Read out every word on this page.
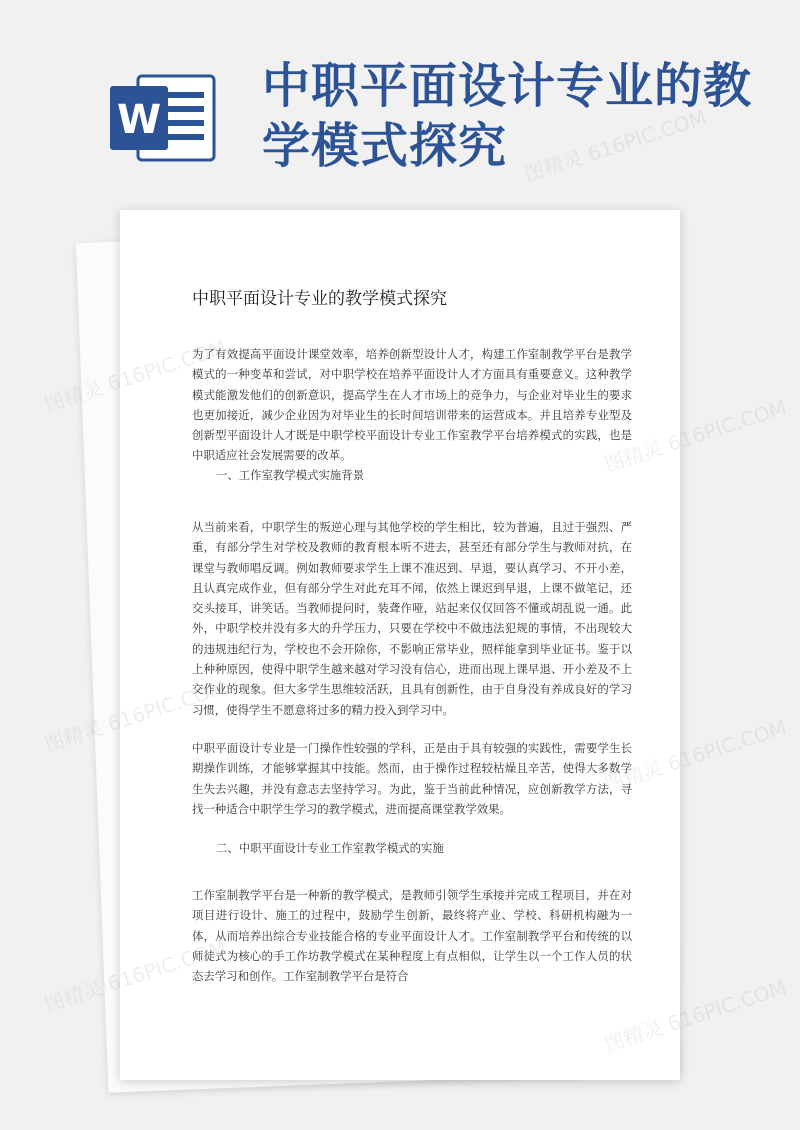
W
中职平面设计专业的教学模式探究
中职平面设计专业的教学模式探究

为了有效提高平面设计课堂效率，培养创新型设计人才，构建工作室制教学平台是教学模式的一种变革和尝试，对中职学校在培养平面设计人才方面具有重要意义。这种教学模式能激发他们的创新意识，提高学生在人才市场上的竞争力，与企业对毕业生的要求也更加接近，减少企业因为对毕业生的长时间培训带来的运营成本。并且培养专业型及创新型平面设计人才既是中职学校平面设计专业工作室教学平台培养模式的实践，也是中职适应社会发展需要的改革。

一、工作室教学模式实施背景

从当前来看，中职学生的叛逆心理与其他学校的学生相比，较为普遍，且过于强烈、严重，有部分学生对学校及教师的教育根本听不进去，甚至还有部分学生与教师对抗，在课堂与教师唱反调。例如教师要求学生上课不准迟到、早退，要认真学习、不开小差，且认真完成作业，但有部分学生对此充耳不闻，依然上课迟到早退，上课不做笔记，还交头接耳，讲笑话。当教师提问时，装聋作哑，站起来仅仅回答不懂或胡乱说一通。此外，中职学校并没有多大的升学压力，只要在学校中不做违法犯规的事情，不出现较大的违规违纪行为，学校也不会开除你，不影响正常毕业，照样能拿到毕业证书。鉴于以上种种原因，使得中职学生越来越对学习没有信心，进而出现上课早退、开小差及不上交作业的现象。但大多学生思维较活跃，且具有创新性，由于自身没有养成良好的学习习惯，使得学生不愿意将过多的精力投入到学习中。

中职平面设计专业是一门操作性较强的学科，正是由于具有较强的实践性，需要学生长期操作训练，才能够掌握其中技能。然而，由于操作过程较枯燥且辛苦，使得大多数学生失去兴趣，并没有意志去坚持学习。为此，鉴于当前此种情况，应创新教学方法，寻找一种适合中职学生学习的教学模式，进而提高课堂教学效果。

二、中职平面设计专业工作室教学模式的实施

工作室制教学平台是一种新的教学模式，是教师引领学生承接并完成工程项目，并在对项目进行设计、施工的过程中，鼓励学生创新，最终将产业、学校、科研机构融为一体，从而培养出综合专业技能合格的专业平面设计人才。工作室制教学平台和传统的以师徒式为核心的手工作坊教学模式在某种程度上有点相似，让学生以一个工作人员的状态去学习和创作。工作室制教学平台是符合

图精灵 616PIC.COM
图精灵	图精灵 616PIC.COM
图精灵	图精灵 616PIC.COM
图精灵	图精灵 616PIC.COM
